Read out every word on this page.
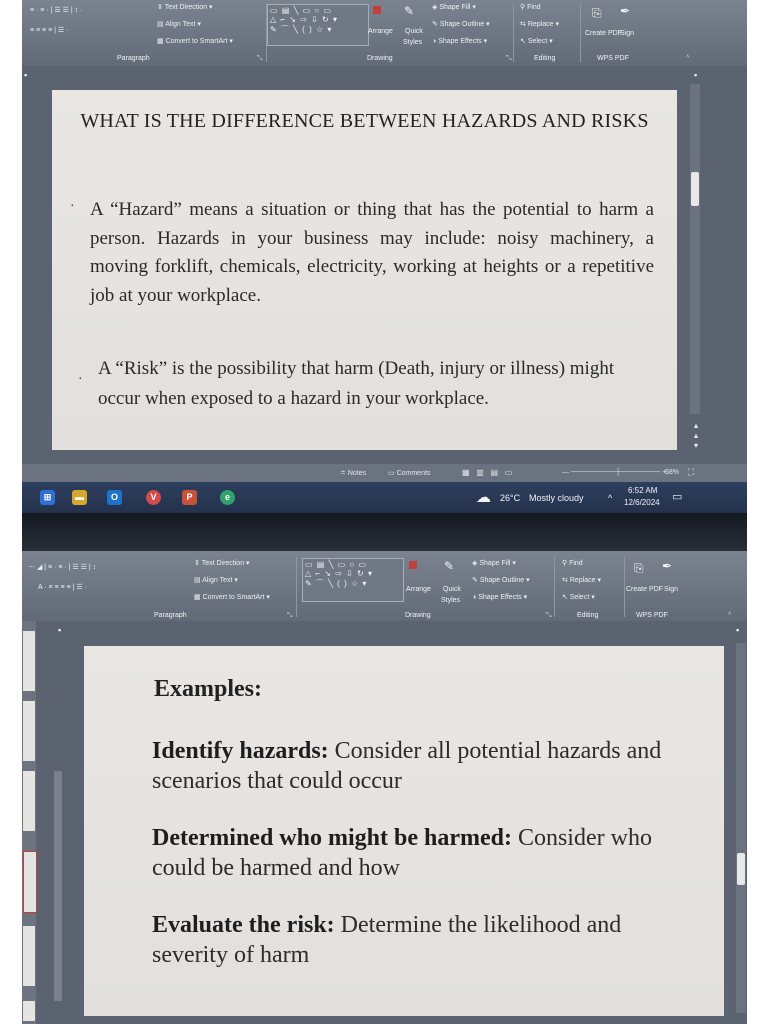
≡ · ≡ · | ☰ ☰ | ↕ ·
≡ ≡ ≡ ≡ | ☰ ·
⇕ Text Direction ▾
▤ Align Text ▾
▦ Convert to SmartArt ▾
Paragraph	⤡
▭ ▤ ╲ ▭ ○ ▭
△ ⌐ ↘ ⇨ ⇩ ↻ ▾
✎ ⌒ ╲ ( ) ☆ ▾	Arrange
✎
Quick
Styles
◈ Shape Fill ▾
✎ Shape Outline ▾
◑ Shape Effects ▾
Drawing	⤡
⚲ Find
⇆ Replace ▾
↖ Select ▾
Editing
⎘ ✒
Create PDF
Sign
WPS PDF	^
▪	▪
WHAT IS THE DIFFERENCE BETWEEN HAZARDS AND RISKS
· A “Hazard” means a situation or thing that has the potential to harm a person. Hazards in your business may include: noisy machinery, a moving forklift, chemicals, electricity, working at heights or a repetitive job at your workplace.
·
A “Risk” is the possibility that harm (Death, injury or illness) might occur when exposed to a hazard in your workplace.
▴
▴
▾
≐ Notes	▭ Comments	▦   ▥   ▤   ▭	— ─────────┼──────── +
68% ⛶
⊞	▬	O	V	P	e	☁ 26°C Mostly cloudy	^
6:52 AM
12/6/2024 ▭
⋯ ◢ | ≡ · ≡ · | ☰ ☰ | ↕
A · ≡ ≡ ≡ ≡ | ☰ ·
⇕ Text Direction ▾
▤ Align Text ▾
▦ Convert to SmartArt ▾
Paragraph	⤡
▭ ▤ ╲ ▭ ○ ▭
△ ⌐ ↘ ⇨ ⇩ ↻ ▾
✎ ⌒ ╲ ( ) ☆ ▾
Arrange
✎
Quick
Styles
◈ Shape Fill ▾
✎ Shape Outline ▾
◑ Shape Effects ▾
Drawing	⤡
⚲ Find
⇆ Replace ▾
↖ Select ▾
Editing
⎘ ✒
Create PDF Sign
WPS PDF	^
▪	▪
Examples:
Identify hazards: Consider all potential hazards and scenarios that could occur
Determined who might be harmed: Consider who could be harmed and how
Evaluate the risk: Determine the likelihood and severity of harm
